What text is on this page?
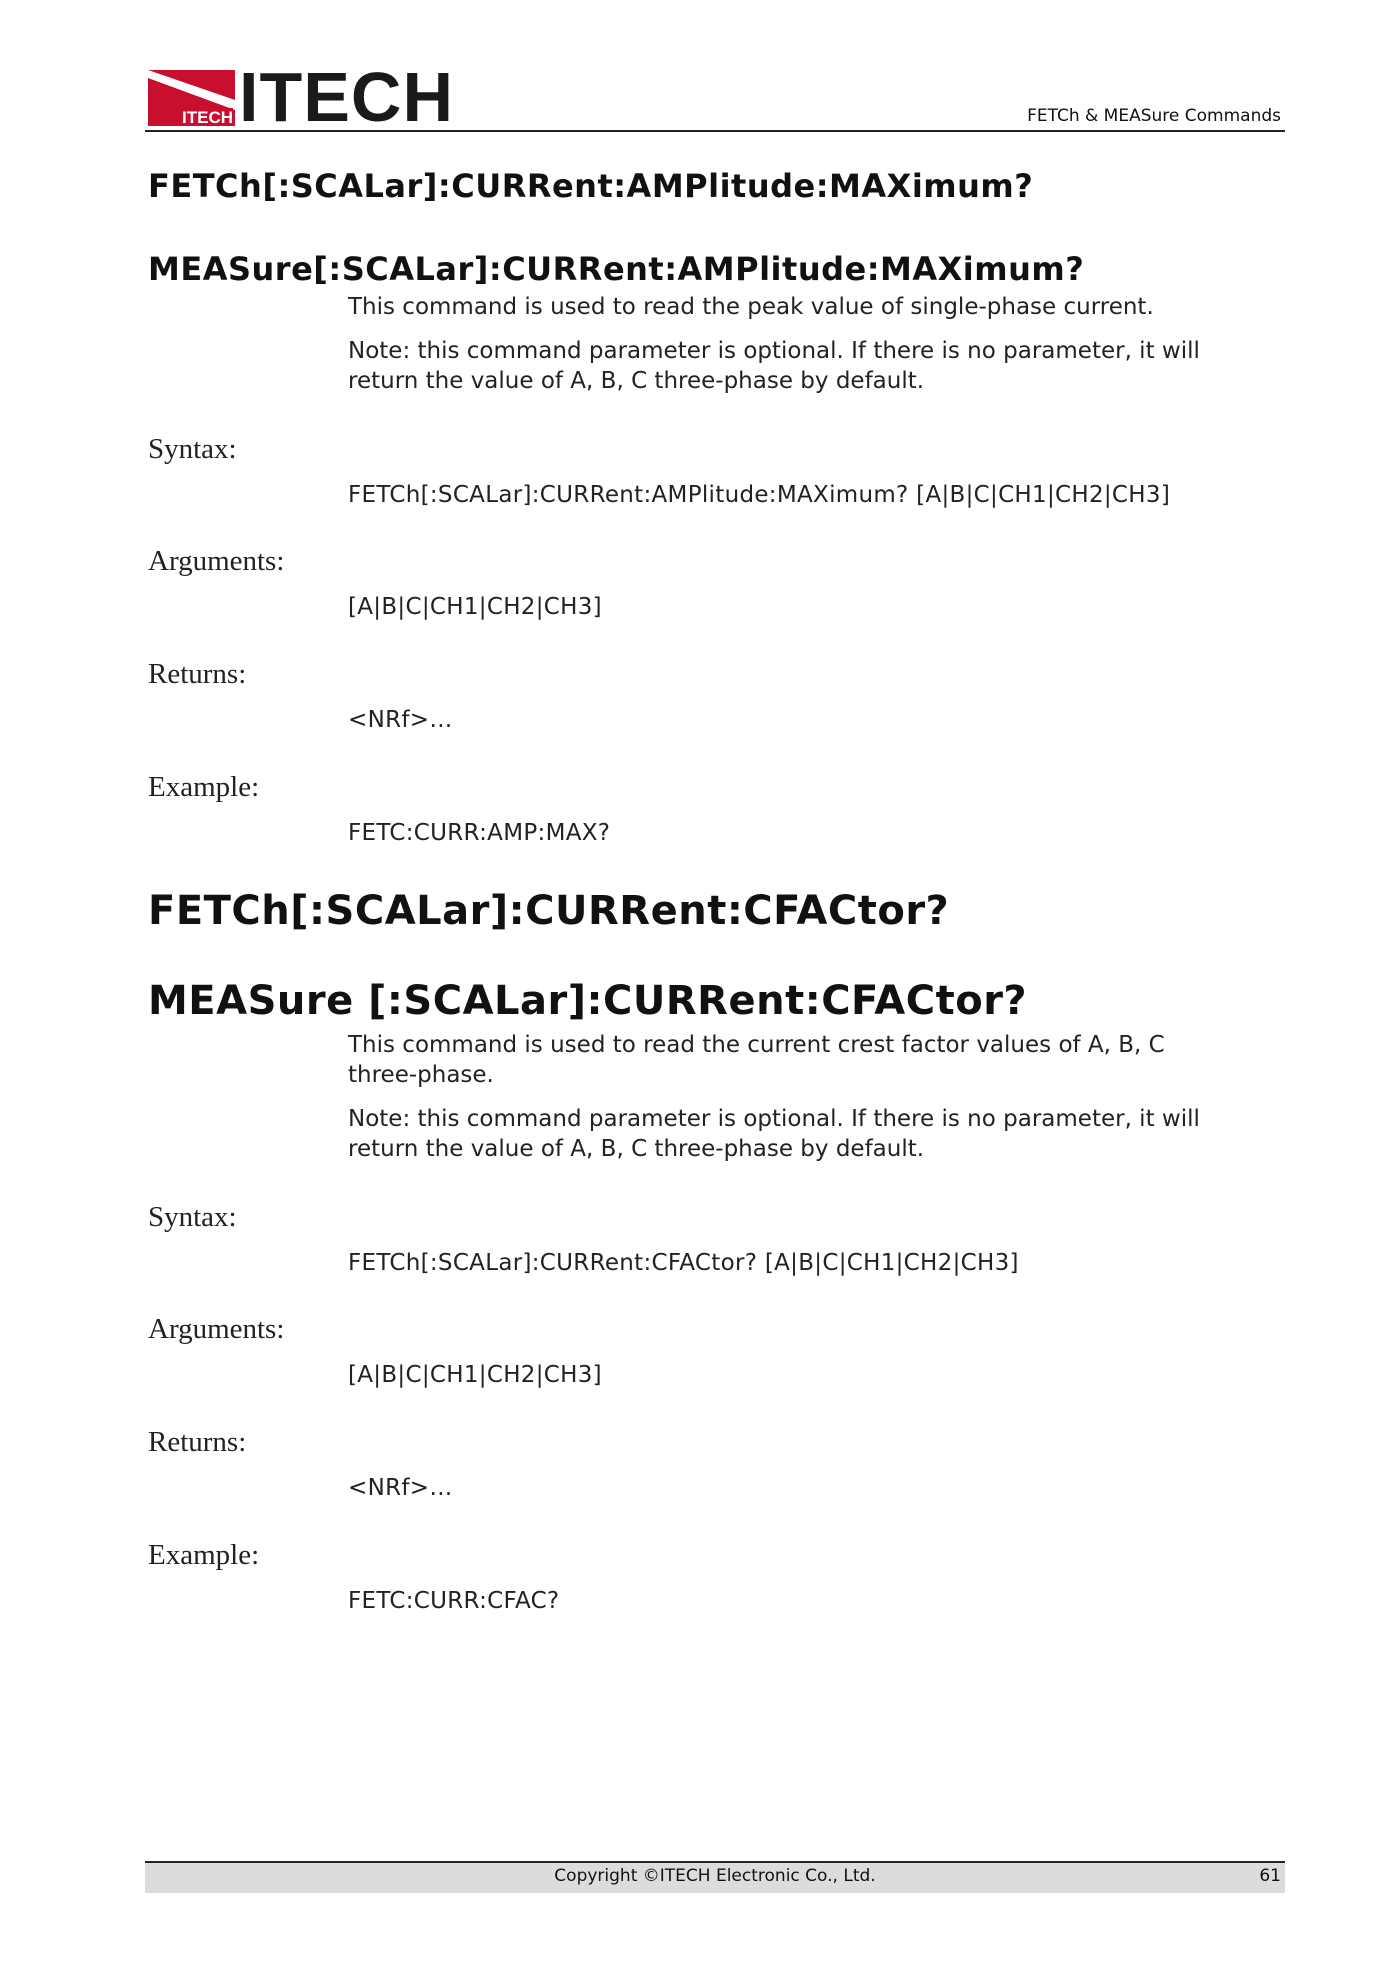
ITECH ITECH	FETCh & MEASure Commands
FETCh[:SCALar]:CURRent:AMPlitude:MAXimum?
MEASure[:SCALar]:CURRent:AMPlitude:MAXimum?

This command is used to read the peak value of single-phase current.

Note: this command parameter is optional. If there is no parameter, it will return the value of A, B, C three-phase by default.

Syntax:

FETCh[:SCALar]:CURRent:AMPlitude:MAXimum? [A|B|C|CH1|CH2|CH3]

Arguments:

[A|B|C|CH1|CH2|CH3]

Returns:

<NRf>…

Example:

FETC:CURR:AMP:MAX?

FETCh[:SCALar]:CURRent:CFACtor?
MEASure [:SCALar]:CURRent:CFACtor?

This command is used to read the current crest factor values of A, B, C three-phase.

Note: this command parameter is optional. If there is no parameter, it will return the value of A, B, C three-phase by default.

Syntax:

FETCh[:SCALar]:CURRent:CFACtor? [A|B|C|CH1|CH2|CH3]

Arguments:

[A|B|C|CH1|CH2|CH3]

Returns:

<NRf>…

Example:

FETC:CURR:CFAC?

Copyright ©ITECH Electronic Co., Ltd.	61
